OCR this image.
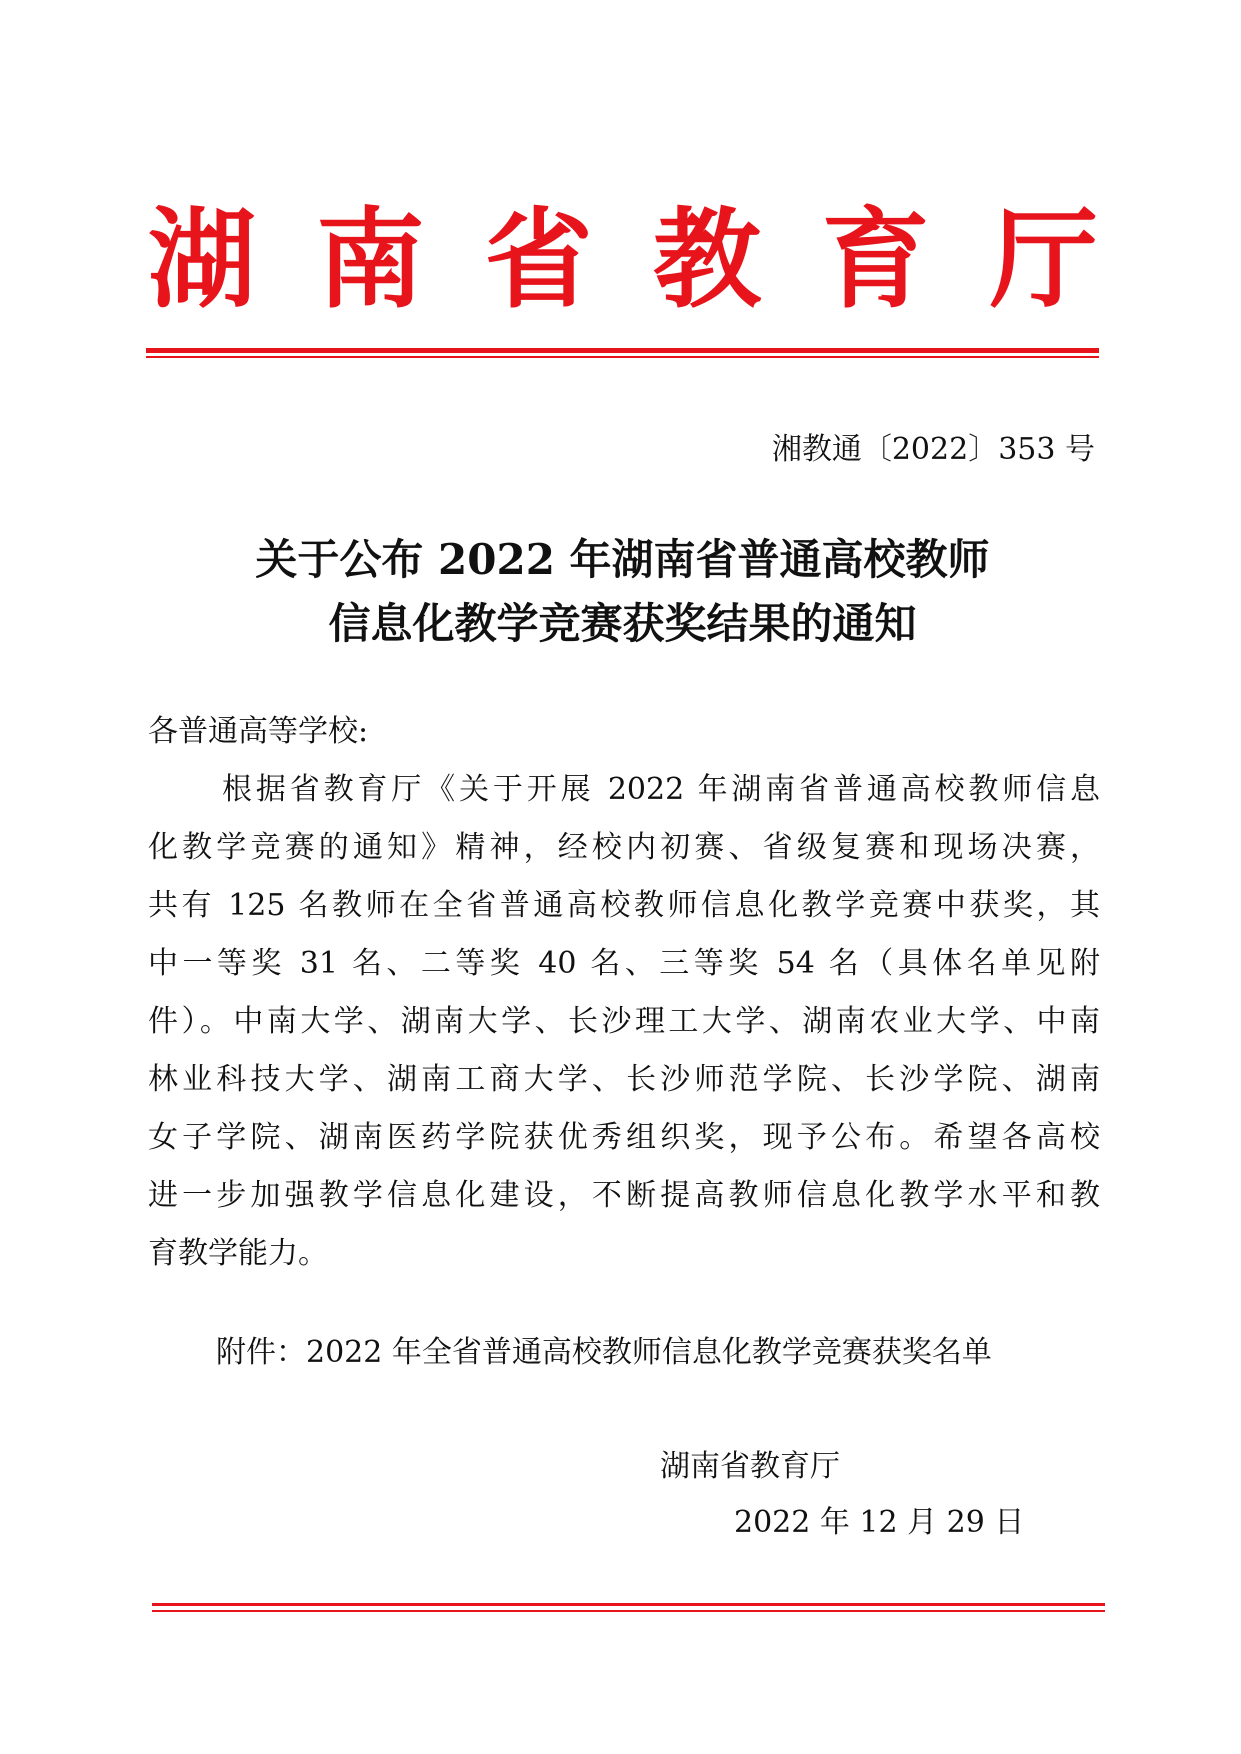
湖 南 省 教 育 厅
湘教通〔2022〕353 号
关于公布 2022 年湖南省普通高校教师
信息化教学竞赛获奖结果的通知
各普通高等学校:
根据省教育厅《关于开展 2022 年湖南省普通高校教师信息
化教学竞赛的通知》精神，经校内初赛、省级复赛和现场决赛，
共有 125 名教师在全省普通高校教师信息化教学竞赛中获奖，其
中一等奖 31 名、二等奖 40 名、三等奖 54 名（具体名单见附
件）。中南大学、湖南大学、长沙理工大学、湖南农业大学、中南
林业科技大学、湖南工商大学、长沙师范学院、长沙学院、湖南
女子学院、湖南医药学院获优秀组织奖，现予公布。希望各高校
进一步加强教学信息化建设，不断提高教师信息化教学水平和教
育教学能力。
附件：2022 年全省普通高校教师信息化教学竞赛获奖名单
湖南省教育厅
2022 年 12 月 29 日
